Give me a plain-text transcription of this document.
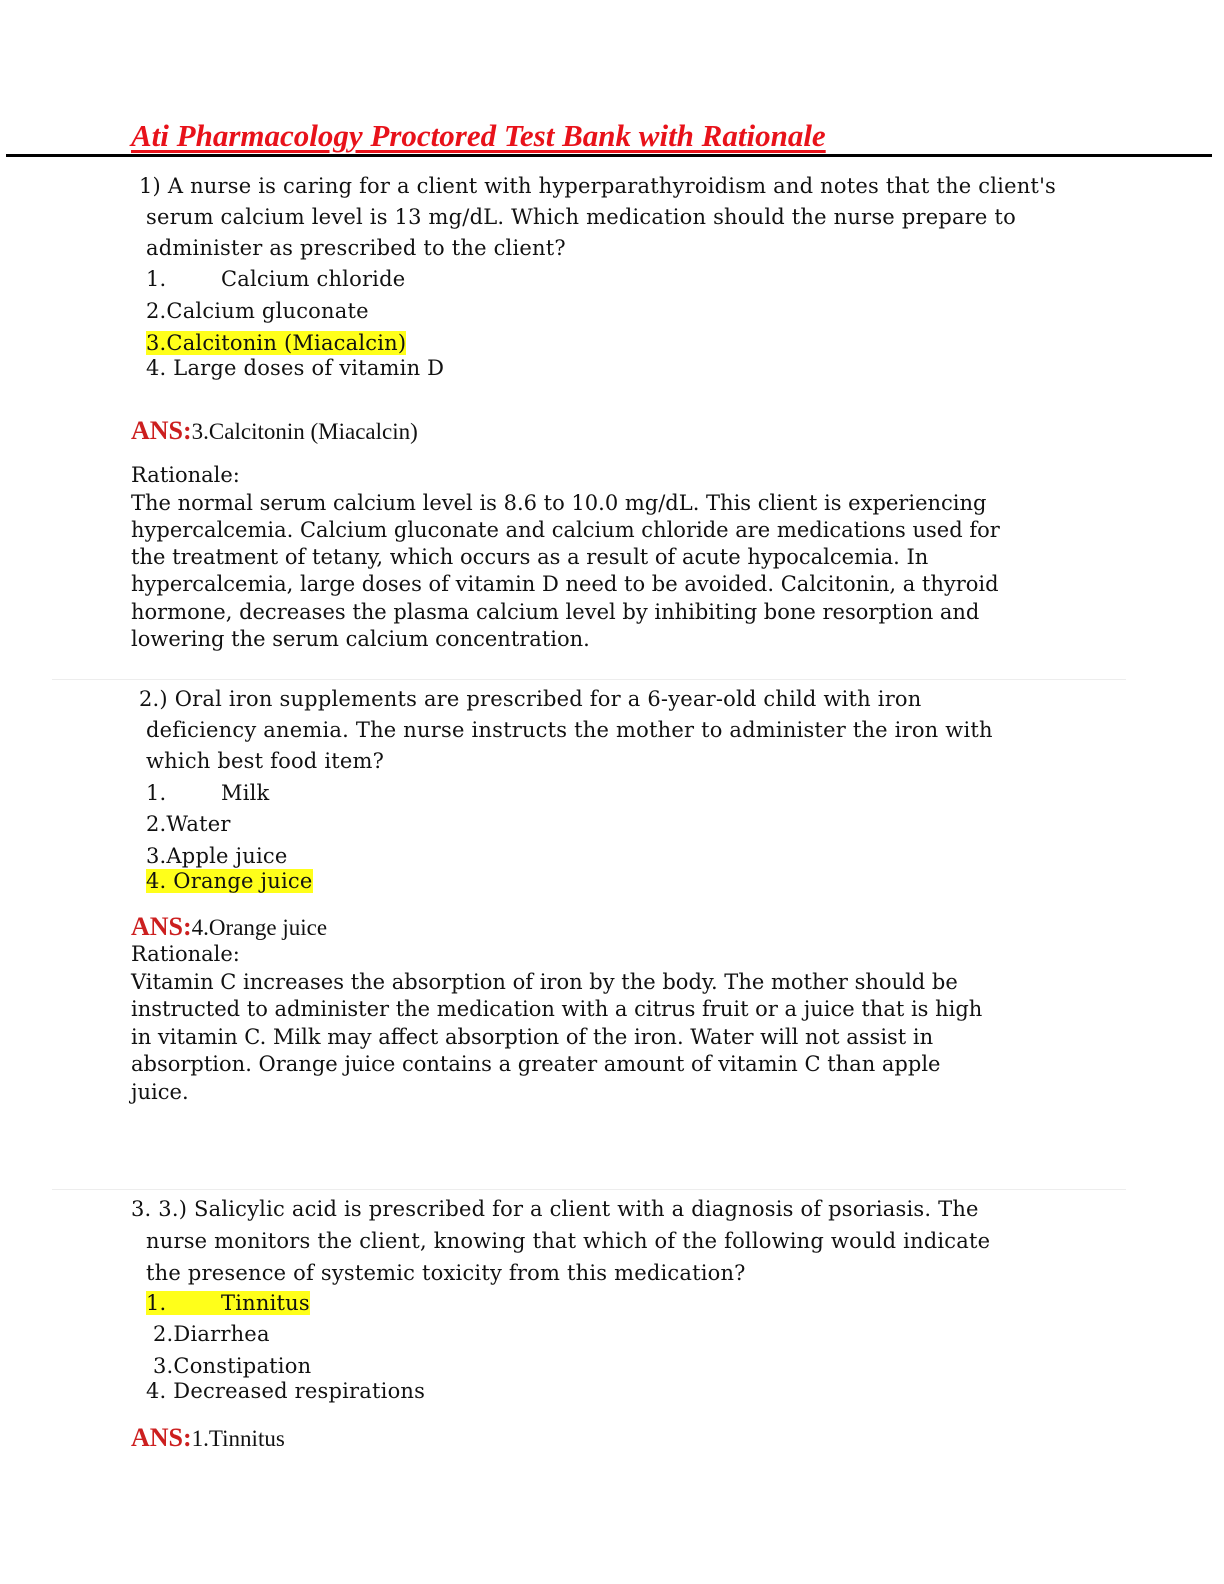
Ati Pharmacology Proctored Test Bank with Rationale
1) A nurse is caring for a client with hyperparathyroidism and notes that the client's
serum calcium level is 13 mg/dL. Which medication should the nurse prepare to
administer as prescribed to the client?
1.	Calcium chloride
2.Calcium gluconate
3.Calcitonin (Miacalcin)
4. Large doses of vitamin D
ANS:3.Calcitonin (Miacalcin)
Rationale:
The normal serum calcium level is 8.6 to 10.0 mg/dL. This client is experiencing
hypercalcemia. Calcium gluconate and calcium chloride are medications used for
the treatment of tetany, which occurs as a result of acute hypocalcemia. In
hypercalcemia, large doses of vitamin D need to be avoided. Calcitonin, a thyroid
hormone, decreases the plasma calcium level by inhibiting bone resorption and
lowering the serum calcium concentration.
2.) Oral iron supplements are prescribed for a 6-year-old child with iron
deficiency anemia. The nurse instructs the mother to administer the iron with
which best food item?
1.	Milk
2.Water
3.Apple juice
4. Orange juice
ANS:4.Orange juice
Rationale:
Vitamin C increases the absorption of iron by the body. The mother should be
instructed to administer the medication with a citrus fruit or a juice that is high
in vitamin C. Milk may affect absorption of the iron. Water will not assist in
absorption. Orange juice contains a greater amount of vitamin C than apple
juice.
3. 3.) Salicylic acid is prescribed for a client with a diagnosis of psoriasis. The
nurse monitors the client, knowing that which of the following would indicate
the presence of systemic toxicity from this medication?
1.	Tinnitus
2.Diarrhea
3.Constipation
4. Decreased respirations
ANS:1.Tinnitus
